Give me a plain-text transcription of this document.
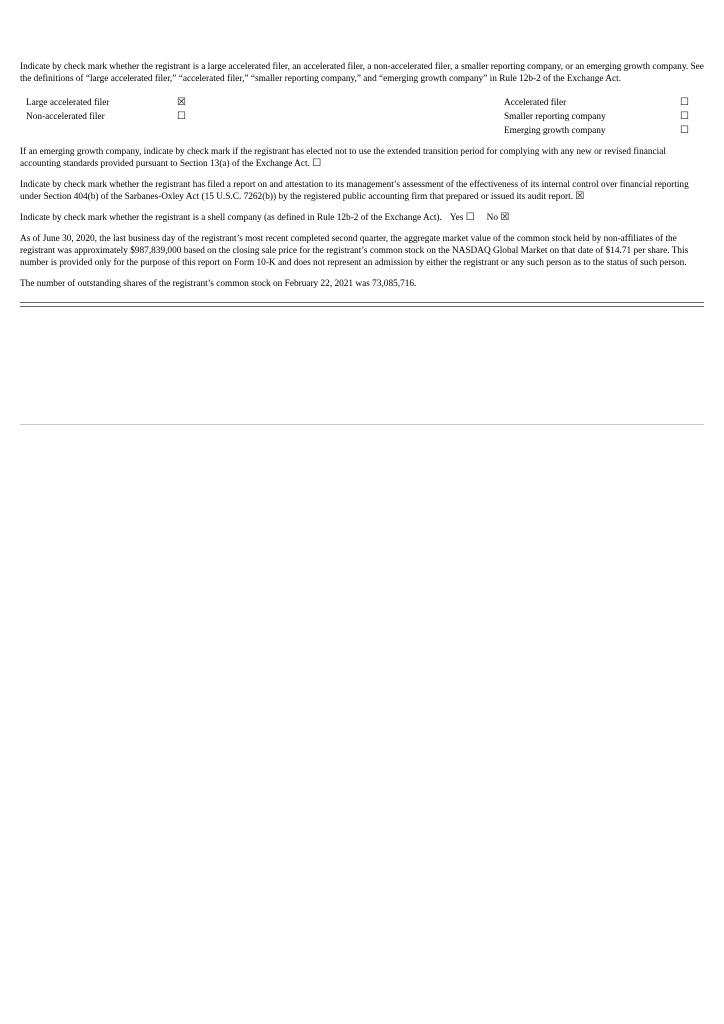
Indicate by check mark whether the registrant is a large accelerated filer, an accelerated filer, a non-accelerated filer, a smaller reporting company, or an emerging growth company. See the definitions of “large accelerated filer,” “accelerated filer,” “smaller reporting company,” and “emerging growth company” in Rule 12b-2 of the Exchange Act.

Large accelerated filer	☒	Accelerated filer	☐
Non-accelerated filer	☐	Smaller reporting company	☐
		Emerging growth company	☐

If an emerging growth company, indicate by check mark if the registrant has elected not to use the extended transition period for complying with any new or revised financial accounting standards provided pursuant to Section 13(a) of the Exchange Act. ☐

Indicate by check mark whether the registrant has filed a report on and attestation to its management’s assessment of the effectiveness of its internal control over financial reporting under Section 404(b) of the Sarbanes-Oxley Act (15 U.S.C. 7262(b)) by the registered public accounting firm that prepared or issued its audit report. ☒

Indicate by check mark whether the registrant is a shell company (as defined in Rule 12b-2 of the Exchange Act). Yes ☐ No ☒

As of June 30, 2020, the last business day of the registrant’s most recent completed second quarter, the aggregate market value of the common stock held by non-affiliates of the registrant was approximately $987,839,000 based on the closing sale price for the registrant’s common stock on the NASDAQ Global Market on that date of $14.71 per share. This number is provided only for the purpose of this report on Form 10-K and does not represent an admission by either the registrant or any such person as to the status of such person.

The number of outstanding shares of the registrant’s common stock on February 22, 2021 was 73,085,716.
